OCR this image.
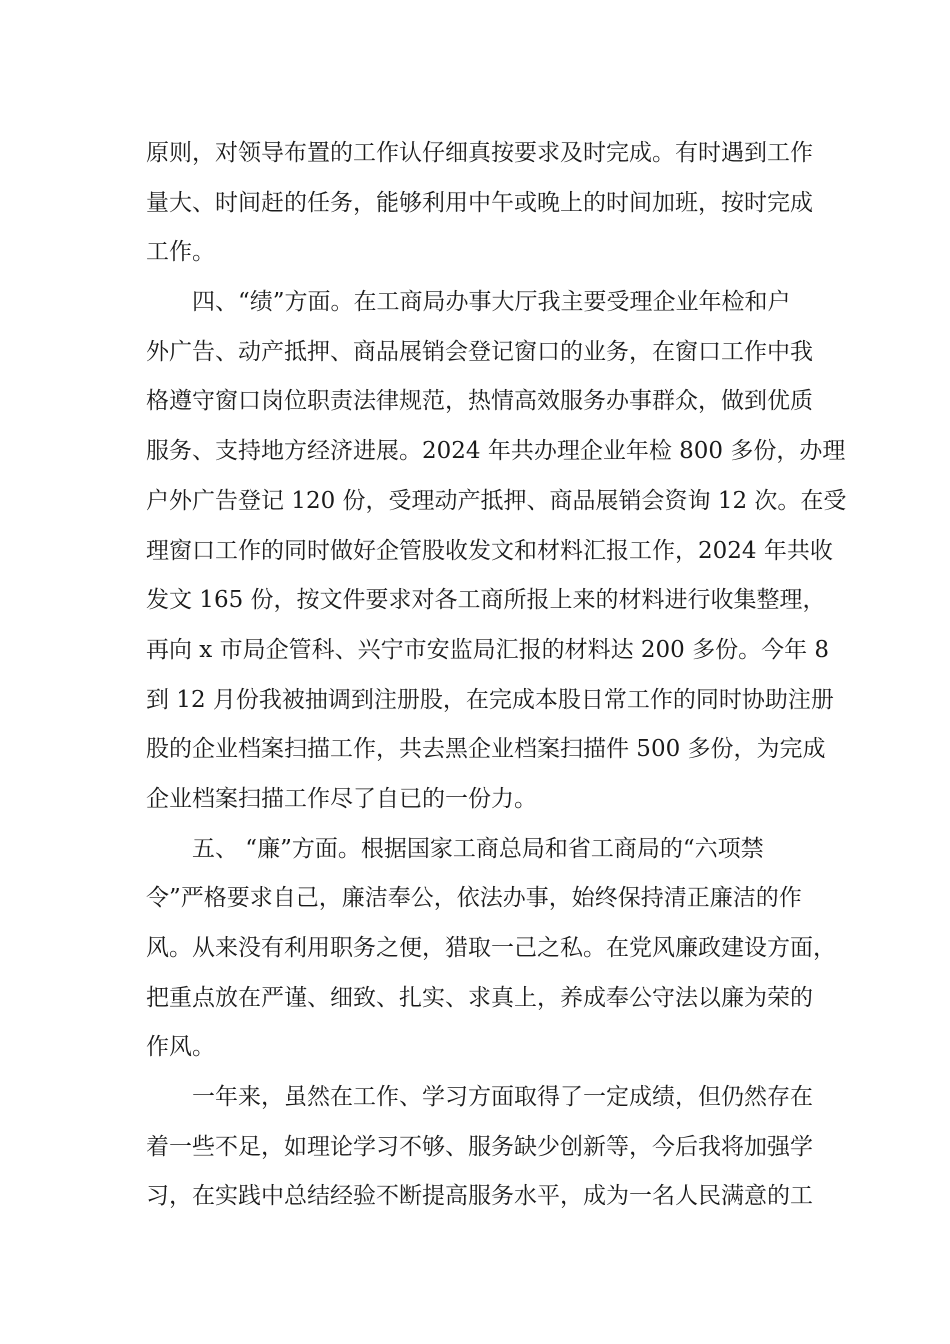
原则，对领导布置的工作认仔细真按要求及时完成。有时遇到工作
量大、时间赶的任务，能够利用中午或晚上的时间加班，按时完成
工作。
四、“绩”方面。在工商局办事大厅我主要受理企业年检和户
外广告、动产抵押、商品展销会登记窗口的业务，在窗口工作中我
格遵守窗口岗位职责法律规范，热情高效服务办事群众，做到优质
服务、支持地方经济进展。2024 年共办理企业年检 800 多份，办理
户外广告登记 120 份，受理动产抵押、商品展销会资询 12 次。在受
理窗口工作的同时做好企管股收发文和材料汇报工作，2024 年共收
发文 165 份，按文件要求对各工商所报上来的材料进行收集整理，
再向 x 市局企管科、兴宁市安监局汇报的材料达 200 多份。今年 8
到 12 月份我被抽调到注册股，在完成本股日常工作的同时协助注册
股的企业档案扫描工作，共去黑企业档案扫描件 500 多份，为完成
企业档案扫描工作尽了自已的一份力。
五、 “廉”方面。根据国家工商总局和省工商局的“六项禁
令”严格要求自己，廉洁奉公，依法办事，始终保持清正廉洁的作
风。从来没有利用职务之便，猎取一己之私。在党风廉政建设方面，
把重点放在严谨、细致、扎实、求真上，养成奉公守法以廉为荣的
作风。
一年来，虽然在工作、学习方面取得了一定成绩，但仍然存在
着一些不足，如理论学习不够、服务缺少创新等，今后我将加强学
习，在实践中总结经验不断提高服务水平，成为一名人民满意的工
